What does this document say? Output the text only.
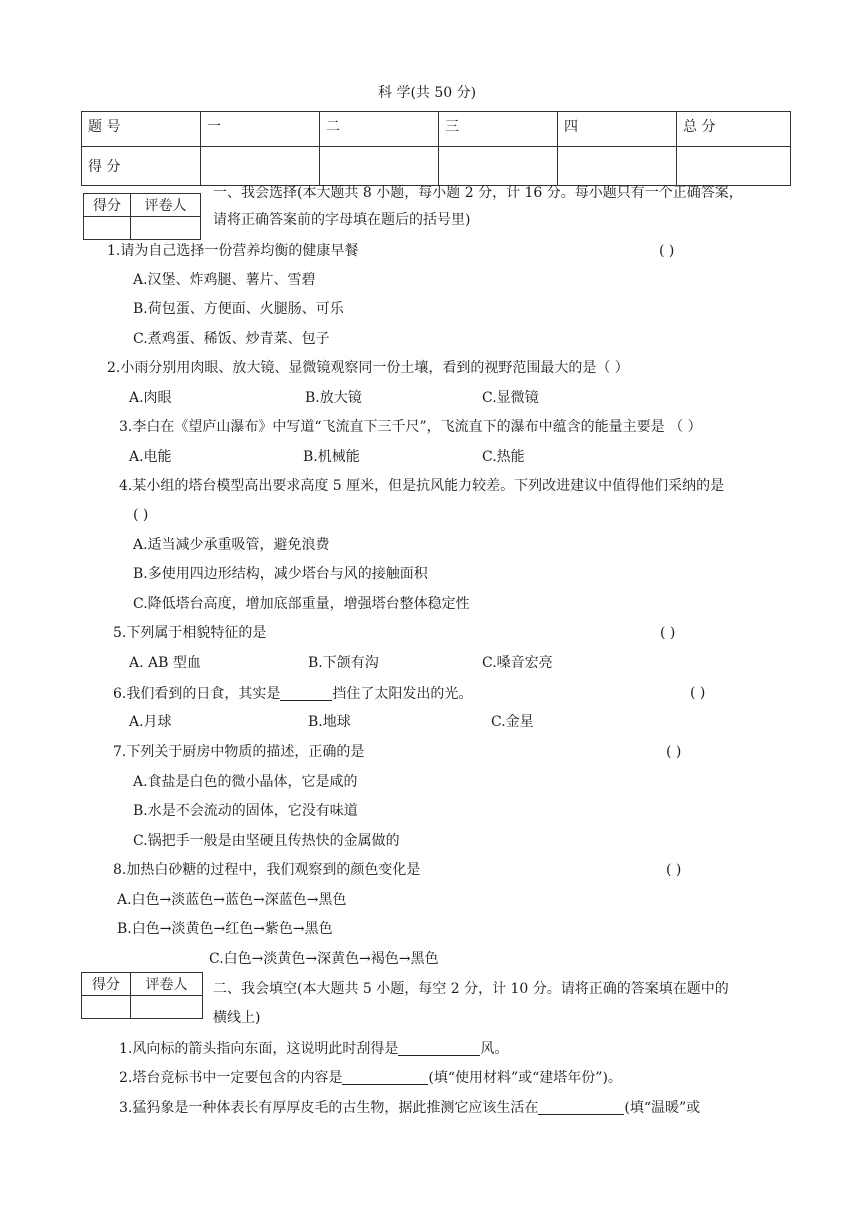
科 学(共 50 分)
题 号	一	二	三	四	总 分
得 分					
得分	评卷人

一、我会选择(本大题共 8 小题，每小题 2 分，计 16 分。每小题只有一个正确答案，
请将正确答案前的字母填在题后的括号里)
1.请为自己选择一份营养均衡的健康早餐	( )
A.汉堡、炸鸡腿、薯片、雪碧
B.荷包蛋、方便面、火腿肠、可乐
C.煮鸡蛋、稀饭、炒青菜、包子
2.小雨分别用肉眼、放大镜、显微镜观察同一份土壤，看到的视野范围最大的是（ ）
A.肉眼	B.放大镜	C.显微镜
3.李白在《望庐山瀑布》中写道“飞流直下三千尺”，飞流直下的瀑布中蕴含的能量主要是 （ ）
A.电能	B.机械能	C.热能
4.某小组的塔台模型高出要求高度 5 厘米，但是抗风能力较差。下列改进建议中值得他们采纳的是
( )
A.适当减少承重吸管，避免浪费
B.多使用四边形结构，减少塔台与风的接触面积
C.降低塔台高度，增加底部重量，增强塔台整体稳定性
5.下列属于相貌特征的是	( )
A. AB 型血	B.下颌有沟	C.嗓音宏亮
6.我们看到的日食，其实是	挡住了太阳发出的光。	( )
A.月球	B.地球	C.金星
7.下列关于厨房中物质的描述，正确的是	( )
A.食盐是白色的微小晶体，它是咸的
B.水是不会流动的固体，它没有味道
C.锅把手一般是由坚硬且传热快的金属做的
8.加热白砂糖的过程中，我们观察到的颜色变化是	( )
A.白色→淡蓝色→蓝色→深蓝色→黑色
B.白色→淡黄色→红色→紫色→黑色
C.白色→淡黄色→深黄色→褐色→黑色
得分	评卷人
	二、我会填空(本大题共 5 小题，每空 2 分，计 10 分。请将正确的答案填在题中的
横线上)
1.风向标的箭头指向东面，这说明此时刮得是	风。
2.塔台竞标书中一定要包含的内容是	(填“使用材料”或“建塔年份”)。
3.猛犸象是一种体表长有厚厚皮毛的古生物，据此推测它应该生活在	(填“温暖”或
